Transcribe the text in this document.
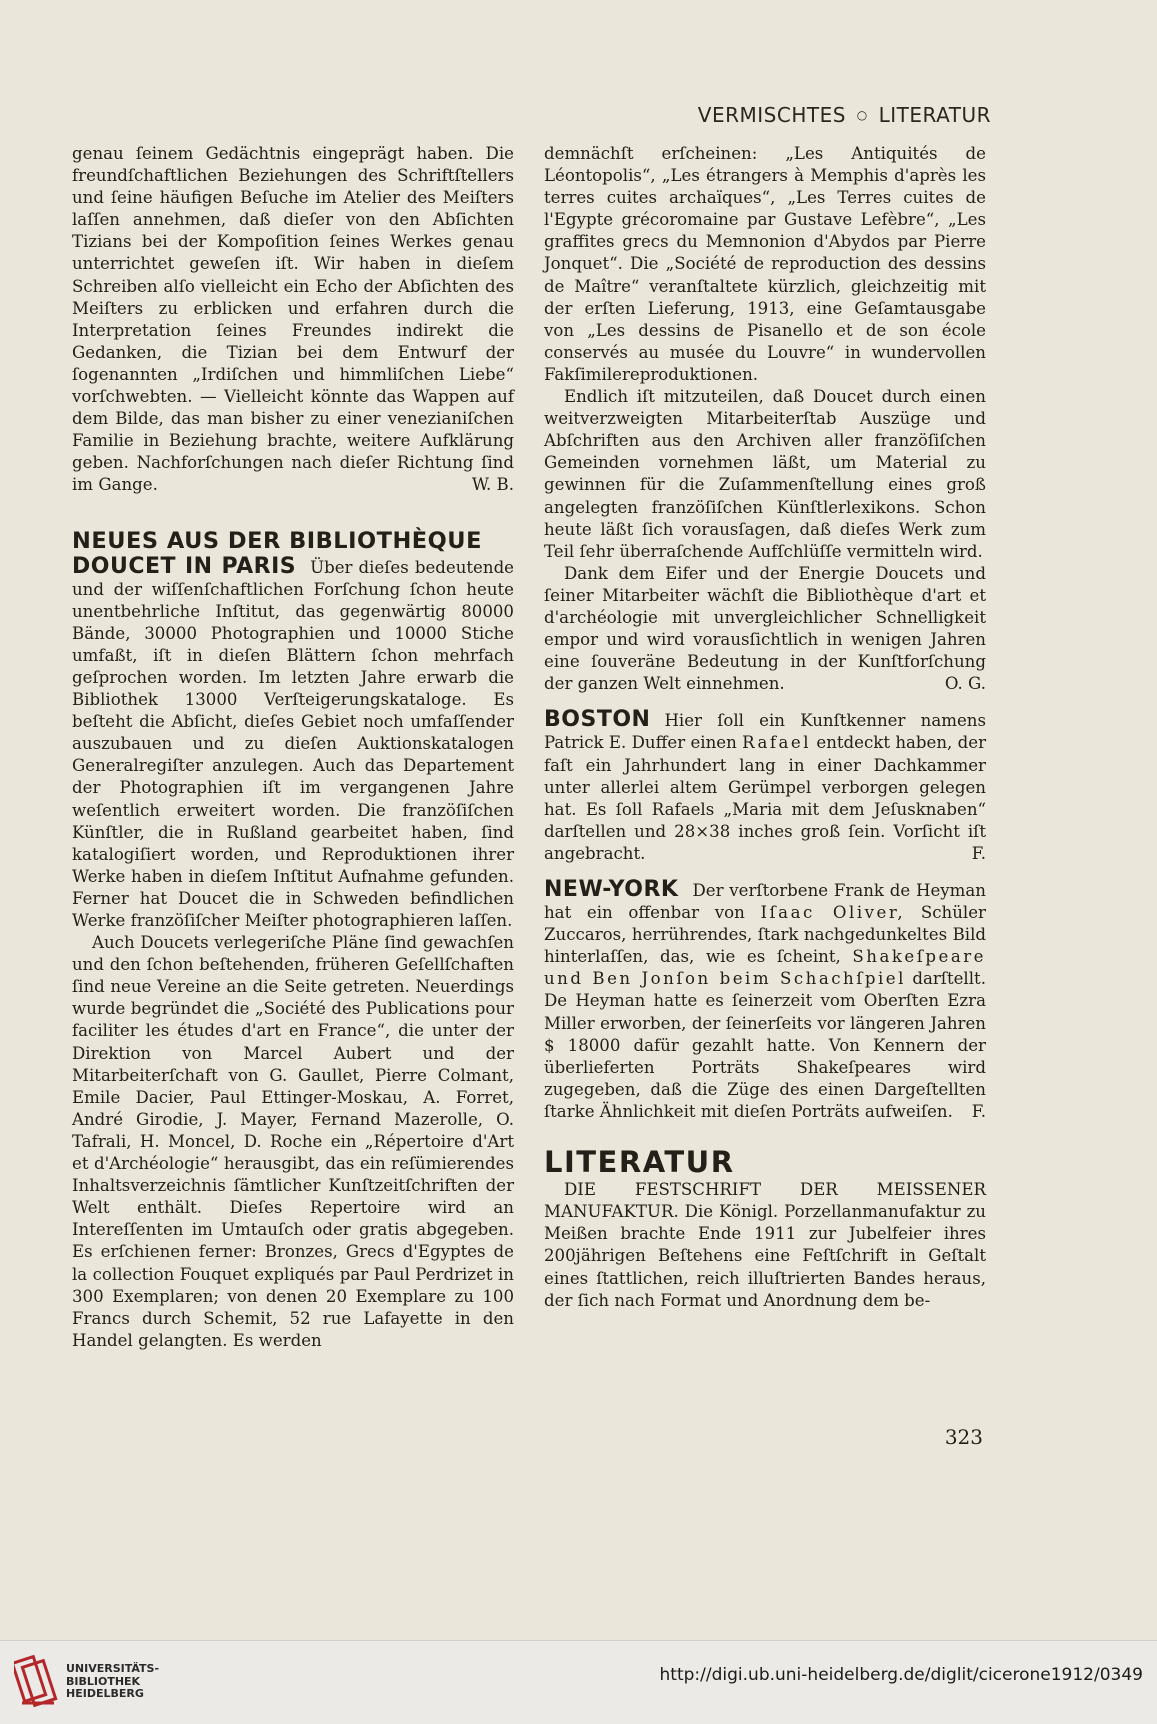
VERMISCHTES ○ LITERATUR

genau ſeinem Gedächtnis eingeprägt haben. Die freundſchaftlichen Beziehungen des Schriftſtellers und ſeine häufigen Beſuche im Atelier des Meiſters laſſen annehmen, daß dieſer von den Abſichten Tizians bei der Kompoſition ſeines Werkes genau unterrichtet geweſen iſt. Wir haben in dieſem Schreiben alſo vielleicht ein Echo der Abſichten des Meiſters zu erblicken und erfahren durch die Interpretation ſeines Freundes indirekt die Gedanken, die Tizian bei dem Entwurf der ſogenannten „Irdiſchen und himmliſchen Liebe“ vorſchwebten. — Vielleicht könnte das Wappen auf dem Bilde, das man bisher zu einer venezianiſchen Familie in Beziehung brachte, weitere Aufklärung geben. Nachforſchungen nach dieſer Richtung ſind im Gange.	W. B.

NEUES AUS DER BIBLIOTHÈQUE

DOUCET IN PARIS Über dieſes bedeutende und der wiſſenſchaftlichen Forſchung ſchon heute unentbehrliche Inſtitut, das gegenwärtig 80000 Bände, 30000 Photographien und 10000 Stiche umfaßt, iſt in dieſen Blättern ſchon mehrfach geſprochen worden. Im letzten Jahre erwarb die Bibliothek 13000 Verſteigerungskataloge. Es beſteht die Abſicht, dieſes Gebiet noch umfaſſender auszubauen und zu dieſen Auktionskatalogen Generalregiſter anzulegen. Auch das Departement der Photographien iſt im vergangenen Jahre weſentlich erweitert worden. Die franzöſiſchen Künſtler, die in Rußland gearbeitet haben, ſind katalogiſiert worden, und Reproduktionen ihrer Werke haben in dieſem Inſtitut Aufnahme gefunden. Ferner hat Doucet die in Schweden befindlichen Werke franzöſiſcher Meiſter photographieren laſſen.

Auch Doucets verlegeriſche Pläne ſind gewachſen und den ſchon beſtehenden, früheren Geſellſchaften ſind neue Vereine an die Seite getreten. Neuerdings wurde begründet die „Société des Publications pour faciliter les études d'art en France“, die unter der Direktion von Marcel Aubert und der Mitarbeiterſchaft von G. Gaullet, Pierre Colmant, Emile Dacier, Paul Ettinger-Moskau, A. Forret, André Girodie, J. Mayer, Fernand Mazerolle, O. Tafrali, H. Moncel, D. Roche ein „Répertoire d'Art et d'Archéologie“ herausgibt, das ein reſümierendes Inhaltsverzeichnis ſämtlicher Kunſtzeitſchriften der Welt enthält. Dieſes Repertoire wird an Intereſſenten im Umtauſch oder gratis abgegeben. Es erſchienen ferner: Bronzes, Grecs d'Egyptes de la collection Fouquet expliqués par Paul Perdrizet in 300 Exemplaren; von denen 20 Exemplare zu 100 Francs durch Schemit, 52 rue Lafayette in den Handel gelangten. Es werden

demnächſt erſcheinen: „Les Antiquités de Léontopolis“, „Les étrangers à Memphis d'après les terres cuites archaïques“, „Les Terres cuites de l'Egypte grécoromaine par Gustave Lefèbre“, „Les graffites grecs du Memnonion d'Abydos par Pierre Jonquet“. Die „Société de reproduction des dessins de Maître“ veranſtaltete kürzlich, gleichzeitig mit der erſten Lieferung, 1913, eine Geſamtausgabe von „Les dessins de Pisanello et de son école conservés au musée du Louvre“ in wundervollen Fakſimilereproduktionen.

Endlich iſt mitzuteilen, daß Doucet durch einen weitverzweigten Mitarbeiterſtab Auszüge und Abſchriften aus den Archiven aller franzöſiſchen Gemeinden vornehmen läßt, um Material zu gewinnen für die Zuſammenſtellung eines groß angelegten franzöſiſchen Künſtlerlexikons. Schon heute läßt ſich vorausſagen, daß dieſes Werk zum Teil ſehr überraſchende Aufſchlüſſe vermitteln wird.

Dank dem Eifer und der Energie Doucets und ſeiner Mitarbeiter wächſt die Bibliothèque d'art et d'archéologie mit unvergleichlicher Schnelligkeit empor und wird vorausſichtlich in wenigen Jahren eine ſouveräne Bedeutung in der Kunſtforſchung der ganzen Welt einnehmen.	O. G.

BOSTON Hier ſoll ein Kunſtkenner namens Patrick E. Duffer einen Rafael entdeckt haben, der faſt ein Jahrhundert lang in einer Dachkammer unter allerlei altem Gerümpel verborgen gelegen hat. Es ſoll Rafaels „Maria mit dem Jeſusknaben“ darſtellen und 28×38 inches groß ſein. Vorſicht iſt angebracht.	F.

NEW-YORK Der verſtorbene Frank de Heyman hat ein offenbar von Iſaac Oliver, Schüler Zuccaros, herrührendes, ſtark nachgedunkeltes Bild hinterlaſſen, das, wie es ſcheint, Shakeſpeare und Ben Jonſon beim Schachſpiel darſtellt. De Heyman hatte es ſeinerzeit vom Oberſten Ezra Miller erworben, der ſeinerſeits vor längeren Jahren $ 18000 dafür gezahlt hatte. Von Kennern der überlieferten Porträts Shakeſpeares wird zugegeben, daß die Züge des einen Dargeſtellten ſtarke Ähnlichkeit mit dieſen Porträts aufweiſen. F.

LITERATUR

DIE FESTSCHRIFT DER MEISSENER MANUFAKTUR. Die Königl. Porzellanmanufaktur zu Meißen brachte Ende 1911 zur Jubelfeier ihres 200jährigen Beſtehens eine Feſtſchrift in Geſtalt eines ſtattlichen, reich illuſtrierten Bandes heraus, der ſich nach Format und Anordnung dem be-

323
UNIVERSITÄTS-
BIBLIOTHEK
HEIDELBERG
http://digi.ub.uni-heidelberg.de/diglit/cicerone1912/0349
